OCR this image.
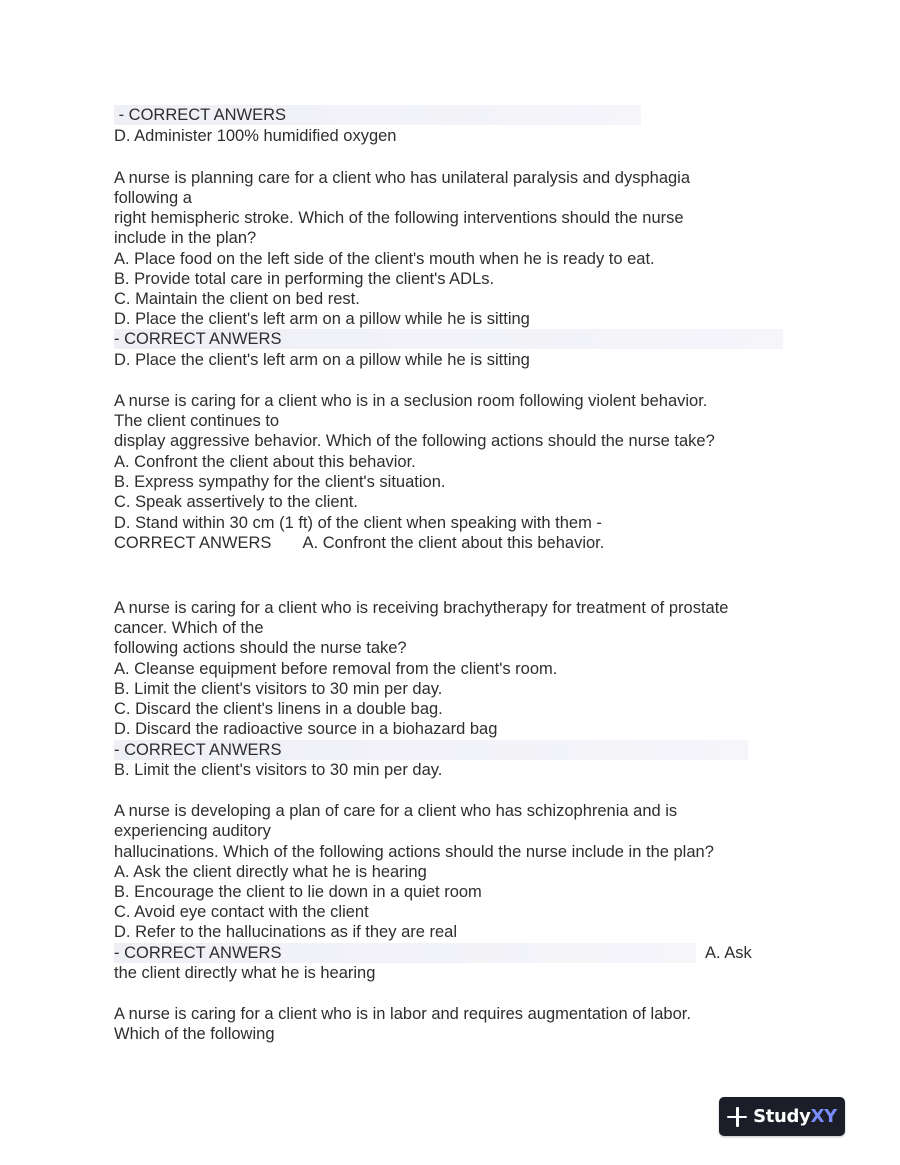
- CORRECT ANWERS
D. Administer 100% humidified oxygen
A nurse is planning care for a client who has unilateral paralysis and dysphagia
following a
right hemispheric stroke. Which of the following interventions should the nurse
include in the plan?
A. Place food on the left side of the client's mouth when he is ready to eat.
B. Provide total care in performing the client's ADLs.
C. Maintain the client on bed rest.
D. Place the client's left arm on a pillow while he is sitting
- CORRECT ANWERS
D. Place the client's left arm on a pillow while he is sitting
A nurse is caring for a client who is in a seclusion room following violent behavior.
The client continues to
display aggressive behavior. Which of the following actions should the nurse take?
A. Confront the client about this behavior.
B. Express sympathy for the client's situation.
C. Speak assertively to the client.
D. Stand within 30 cm (1 ft) of the client when speaking with them -
CORRECT ANWERS       A. Confront the client about this behavior.
A nurse is caring for a client who is receiving brachytherapy for treatment of prostate
cancer. Which of the
following actions should the nurse take?
A. Cleanse equipment before removal from the client's room.
B. Limit the client's visitors to 30 min per day.
C. Discard the client's linens in a double bag.
D. Discard the radioactive source in a biohazard bag
- CORRECT ANWERS
B. Limit the client's visitors to 30 min per day.
A nurse is developing a plan of care for a client who has schizophrenia and is
experiencing auditory
hallucinations. Which of the following actions should the nurse include in the plan?
A. Ask the client directly what he is hearing
B. Encourage the client to lie down in a quiet room
C. Avoid eye contact with the client
D. Refer to the hallucinations as if they are real
- CORRECT ANWERS	A. Ask
the client directly what he is hearing
A nurse is caring for a client who is in labor and requires augmentation of labor.
Which of the following
StudyXY
